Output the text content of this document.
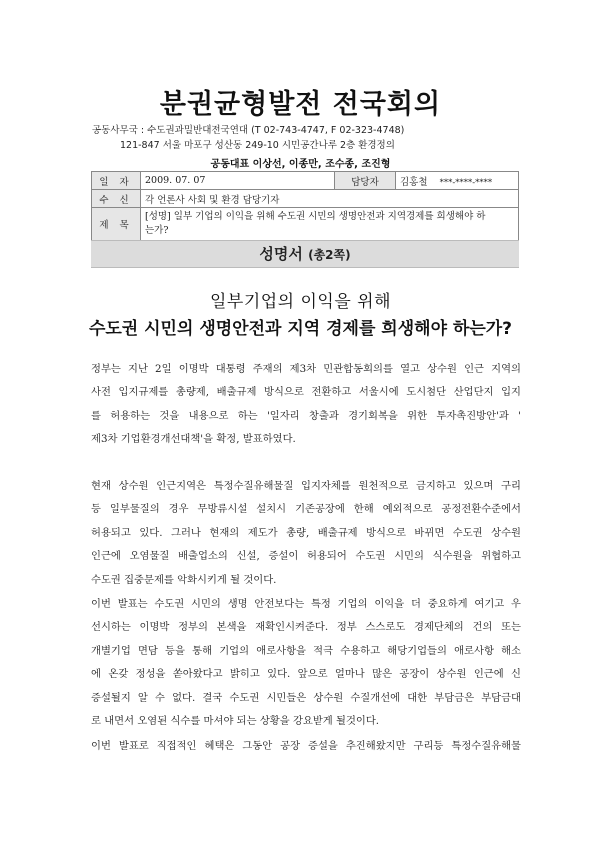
분권균형발전 전국회의
공동사무국 : 수도권과밀반대전국연대 (T 02-743-4747, F 02-323-4748)
121-847 서울 마포구 성산동 249-10 시민공간나루 2층 환경정의
공동대표 이상선, 이종만, 조수종, 조진형
일 자	2009. 07. 07	담당자	김홍철 ***-****-****
수 신	각 언론사 사회 및 환경 담당기자		
제 목	[성명] 일부 기업의 이익을 위해 수도권 시민의 생명안전과 지역경제를 희생해야 하
는가?		
성명서 (총2쪽)
일부기업의 이익을 위해
수도권 시민의 생명안전과 지역 경제를 희생해야 하는가?
정부는 지난 2일 이명박 대통령 주재의 제3차 민관합동회의를 열고 상수원 인근 지역의
사전 입지규제를 총량제, 배출규제 방식으로 전환하고 서울시에 도시첨단 산업단지 입지
를 허용하는 것을 내용으로 하는 '일자리 창출과 경기회복을 위한 투자촉진방안'과 '
제3차 기업환경개선대책'을 확정, 발표하였다.
현재 상수원 인근지역은 특정수질유해물질 입지자체를 원천적으로 금지하고 있으며 구리
등 일부물질의 경우 무방류시설 설치시 기존공장에 한해 예외적으로 공정전환수준에서
허용되고 있다. 그러나 현재의 제도가 총량, 배출규제 방식으로 바뀌면 수도권 상수원
인근에 오염물질 배출업소의 신설, 증설이 허용되어 수도권 시민의 식수원을 위협하고
수도권 집중문제를 악화시키게 될 것이다.
이번 발표는 수도권 시민의 생명 안전보다는 특정 기업의 이익을 더 중요하게 여기고 우
선시하는 이명박 정부의 본색을 재확인시켜준다. 정부 스스로도 경제단체의 건의 또는
개별기업 면담 등을 통해 기업의 애로사항을 적극 수용하고 해당기업들의 애로사항 해소
에 온갖 정성을 쏟아왔다고 밝히고 있다. 앞으로 얼마나 많은 공장이 상수원 인근에 신
증설될지 알 수 없다. 결국 수도권 시민들은 상수원 수질개선에 대한 부담금은 부담금대
로 내면서 오염된 식수를 마셔야 되는 상황을 강요받게 될것이다.
이번 발표로 직접적인 혜택은 그동안 공장 증설을 추진해왔지만 구리등 특정수질유해물
